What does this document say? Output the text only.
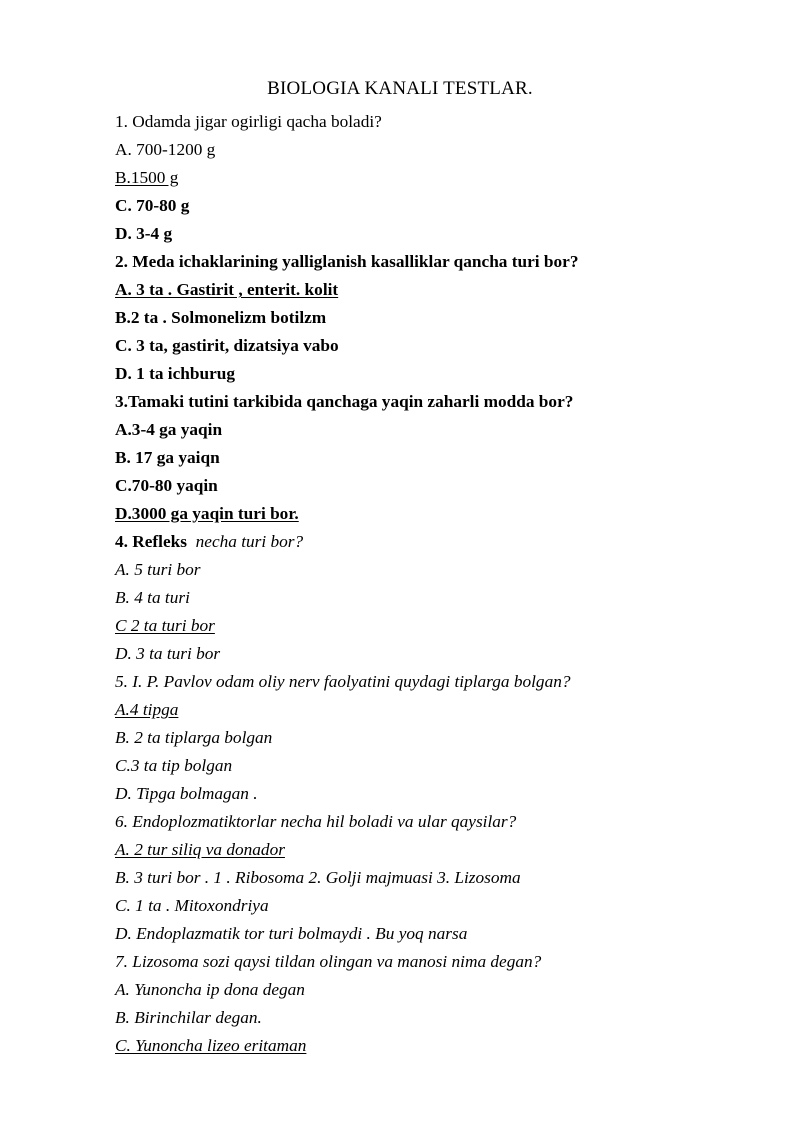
BIOLOGIA KANALI TESTLAR.
1. Odamda jigar ogirligi qacha boladi?
A. 700-1200 g
B.1500 g
C. 70-80 g
D. 3-4 g
2. Meda ichaklarining yalliglanish kasalliklar qancha turi bor?
A. 3 ta . Gastirit , enterit. kolit
B.2 ta . Solmonelizm botilzm
C. 3 ta, gastirit, dizatsiya vabo
D. 1 ta ichburug
3.Tamaki tutini tarkibida qanchaga yaqin zaharli modda bor?
A.3-4 ga yaqin
B. 17 ga yaiqn
C.70-80 yaqin
D.3000 ga yaqin turi bor.
4. Refleks necha turi bor?
A. 5 turi bor
B. 4 ta turi
C 2 ta turi bor
D. 3 ta turi bor
5. I. P. Pavlov odam oliy nerv faolyatini quydagi tiplarga bolgan?
A.4 tipga
B. 2 ta tiplarga bolgan
C.3 ta tip bolgan
D. Tipga bolmagan .
6. Endoplozmatiktorlar necha hil boladi va ular qaysilar?
A. 2 tur siliq va donador
B. 3 turi bor . 1 . Ribosoma 2. Golji majmuasi 3. Lizosoma
C. 1 ta . Mitoxondriya
D. Endoplazmatik tor turi bolmaydi . Bu yoq narsa
7. Lizosoma sozi qaysi tildan olingan va manosi nima degan?
A. Yunoncha ip dona degan
B. Birinchilar degan.
C. Yunoncha lizeo eritaman
